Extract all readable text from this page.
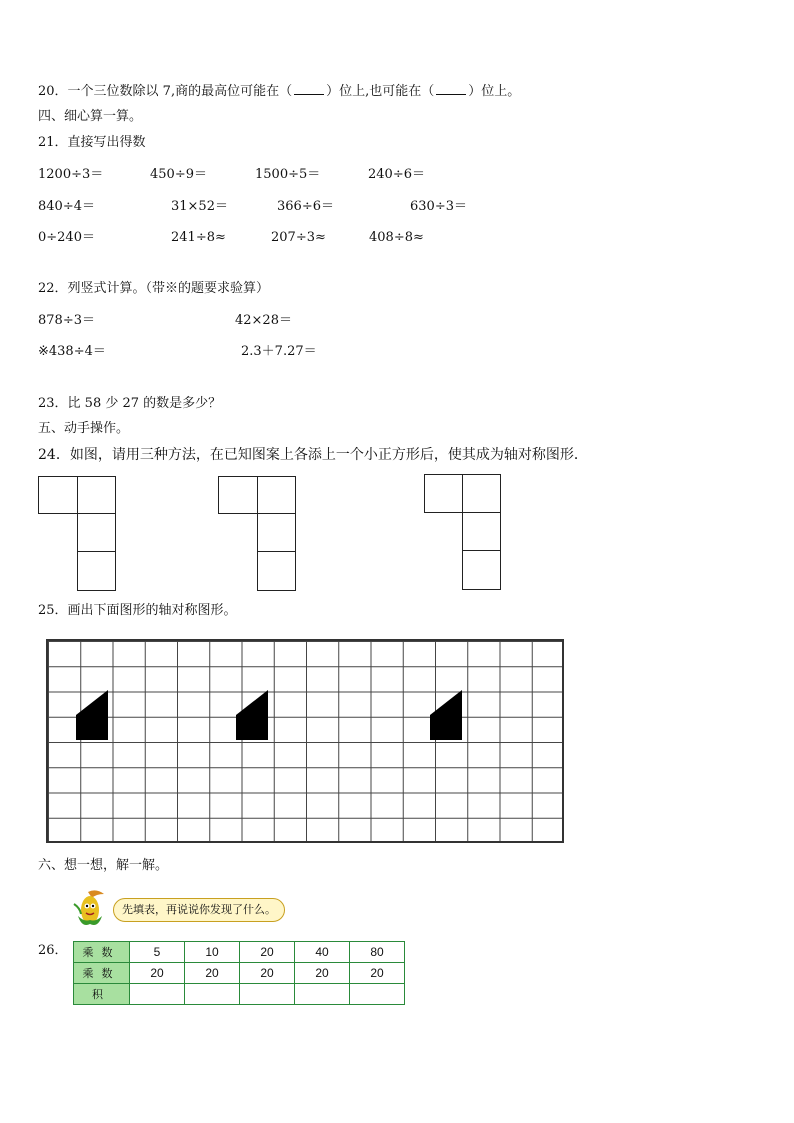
20．一个三位数除以 7,商的最高位可能在（	）位上,也可能在（	）位上。
四、细心算一算。
21．直接写出得数
1200÷3＝	450÷9＝	1500÷5＝	240÷6＝
840÷4＝	31×52＝	366÷6＝	630÷3＝
0÷240＝	241÷8≈	207÷3≈	408÷8≈
22．列竖式计算。（带※的题要求验算）
878÷3＝	42×28＝
※438÷4＝	2.3＋7.27＝
23．比 58 少 27 的数是多少？
五、动手操作。
24．如图，请用三种方法，在已知图案上各添上一个小正方形后，使其成为轴对称图形．
25．画出下面图形的轴对称图形。
六、想一想，解一解。
先填表，再说说你发现了什么。
26． 乘数	5	10	20	40	80
乘数	20	20	20	20	20
积					
